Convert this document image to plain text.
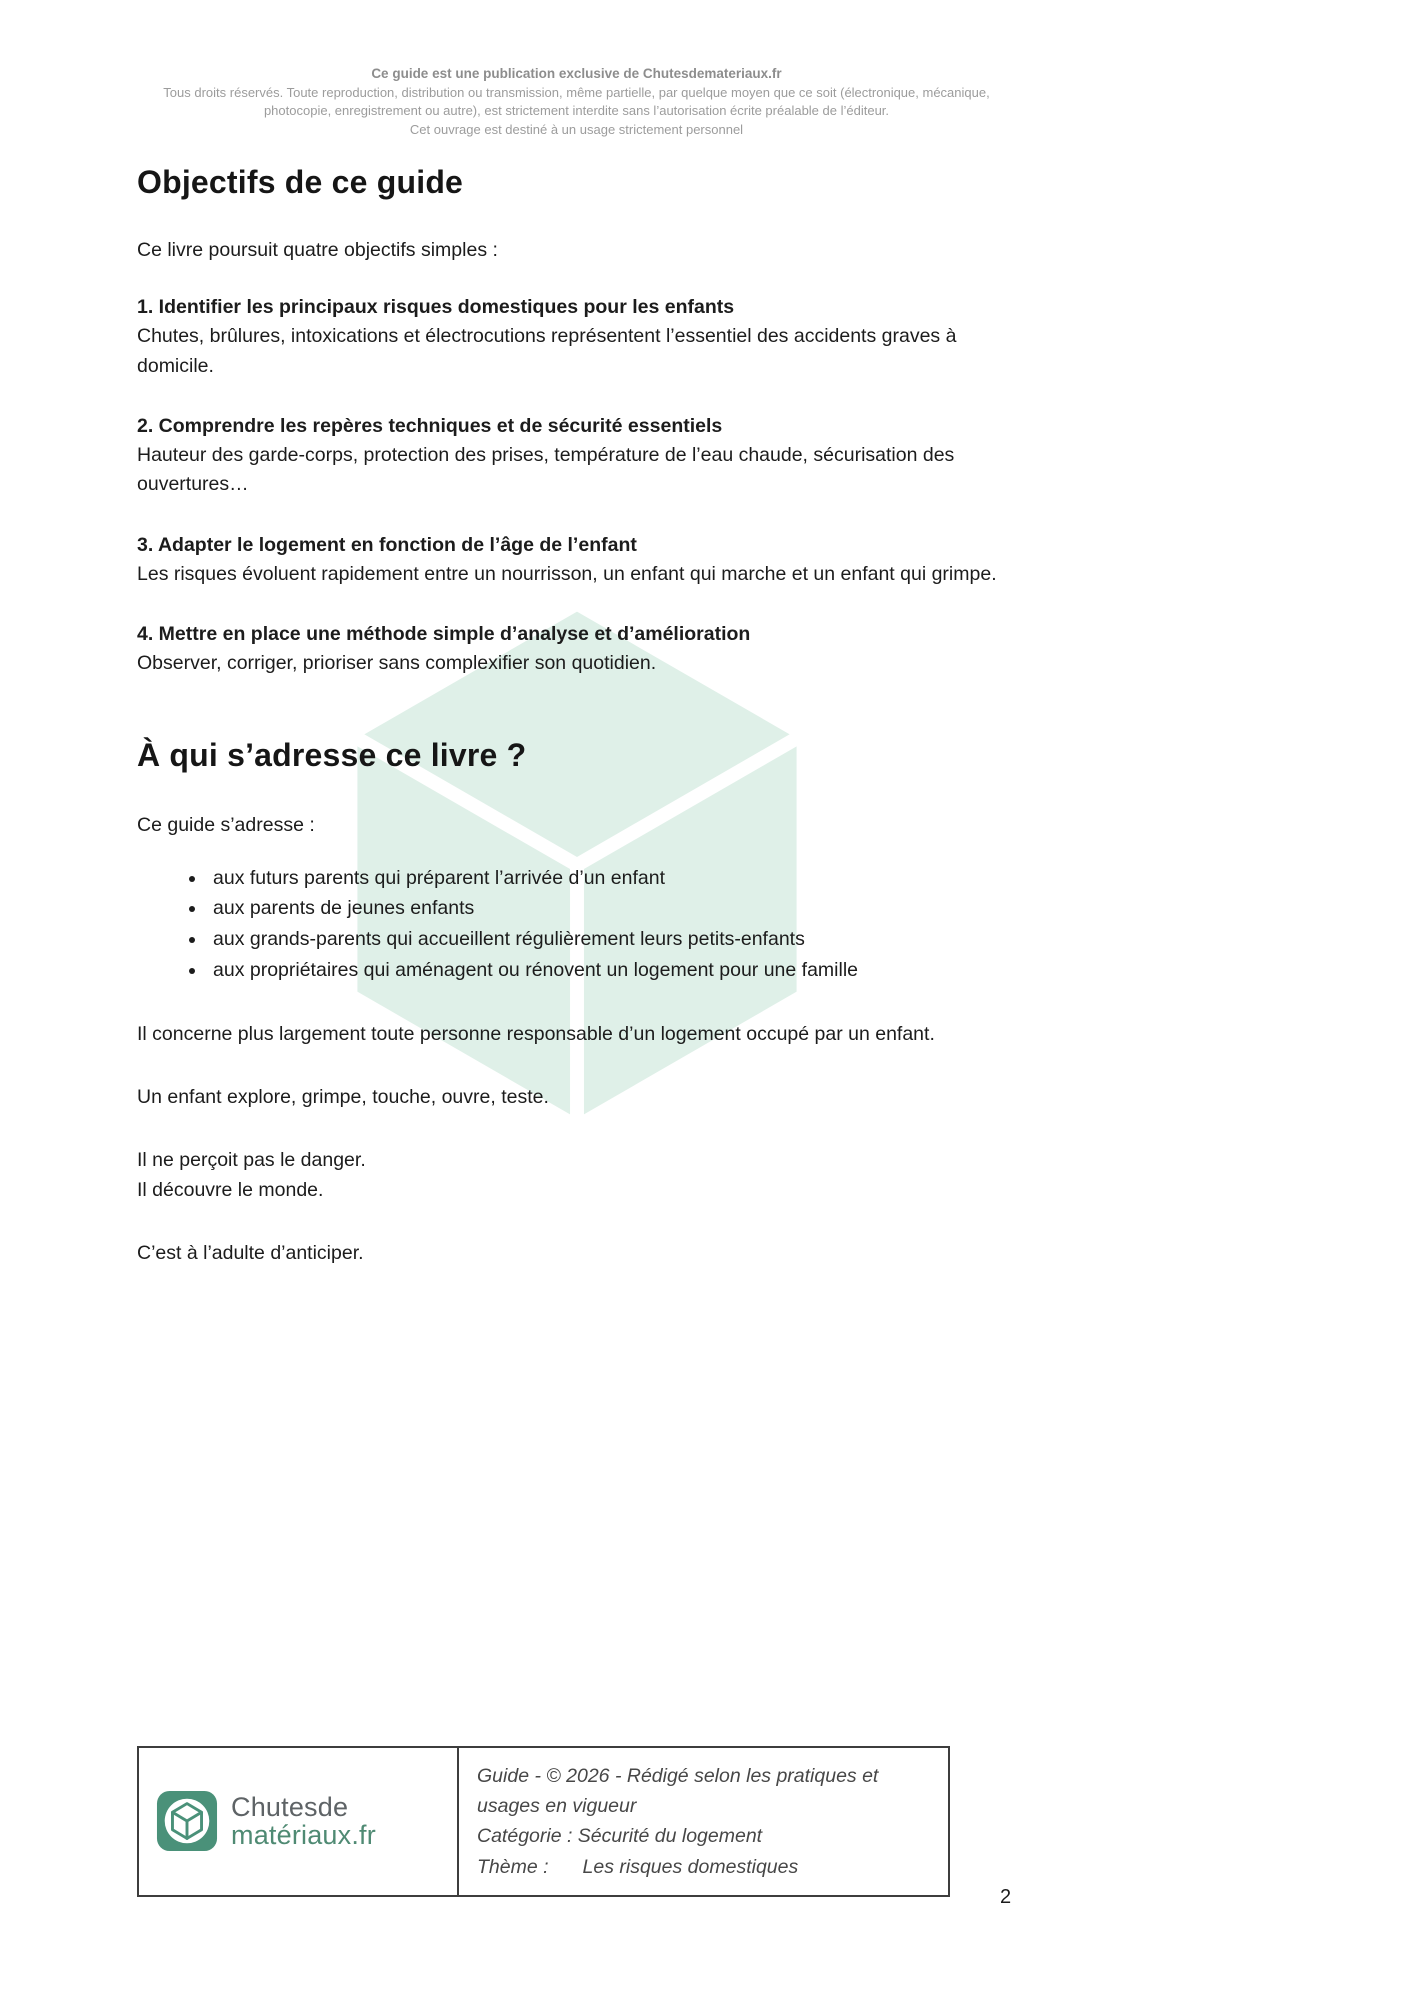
Ce guide est une publication exclusive de Chutesdemateriaux.fr
Tous droits réservés. Toute reproduction, distribution ou transmission, même partielle, par quelque moyen que ce soit (électronique, mécanique, photocopie, enregistrement ou autre), est strictement interdite sans l’autorisation écrite préalable de l’éditeur.
Cet ouvrage est destiné à un usage strictement personnel
Objectifs de ce guide

Ce livre poursuit quatre objectifs simples :

1. Identifier les principaux risques domestiques pour les enfants
Chutes, brûlures, intoxications et électrocutions représentent l’essentiel des accidents graves à domicile.
2. Comprendre les repères techniques et de sécurité essentiels
Hauteur des garde-corps, protection des prises, température de l’eau chaude, sécurisation des ouvertures…
3. Adapter le logement en fonction de l’âge de l’enfant
Les risques évoluent rapidement entre un nourrisson, un enfant qui marche et un enfant qui grimpe.
4. Mettre en place une méthode simple d’analyse et d’amélioration
Observer, corriger, prioriser sans complexifier son quotidien.
À qui s’adresse ce livre ?

Ce guide s’adresse :

• aux futurs parents qui préparent l’arrivée d’un enfant
• aux parents de jeunes enfants
• aux grands-parents qui accueillent régulièrement leurs petits-enfants
• aux propriétaires qui aménagent ou rénovent un logement pour une famille

Il concerne plus largement toute personne responsable d’un logement occupé par un enfant.

Un enfant explore, grimpe, touche, ouvre, teste.

Il ne perçoit pas le danger.
Il découvre le monde.

C’est à l’adulte d’anticiper.

Chutesde
matériaux.fr
Guide - © 2026 - Rédigé selon les pratiques et usages en vigueur
Catégorie : Sécurité du logement
Thème : Les risques domestiques
2
